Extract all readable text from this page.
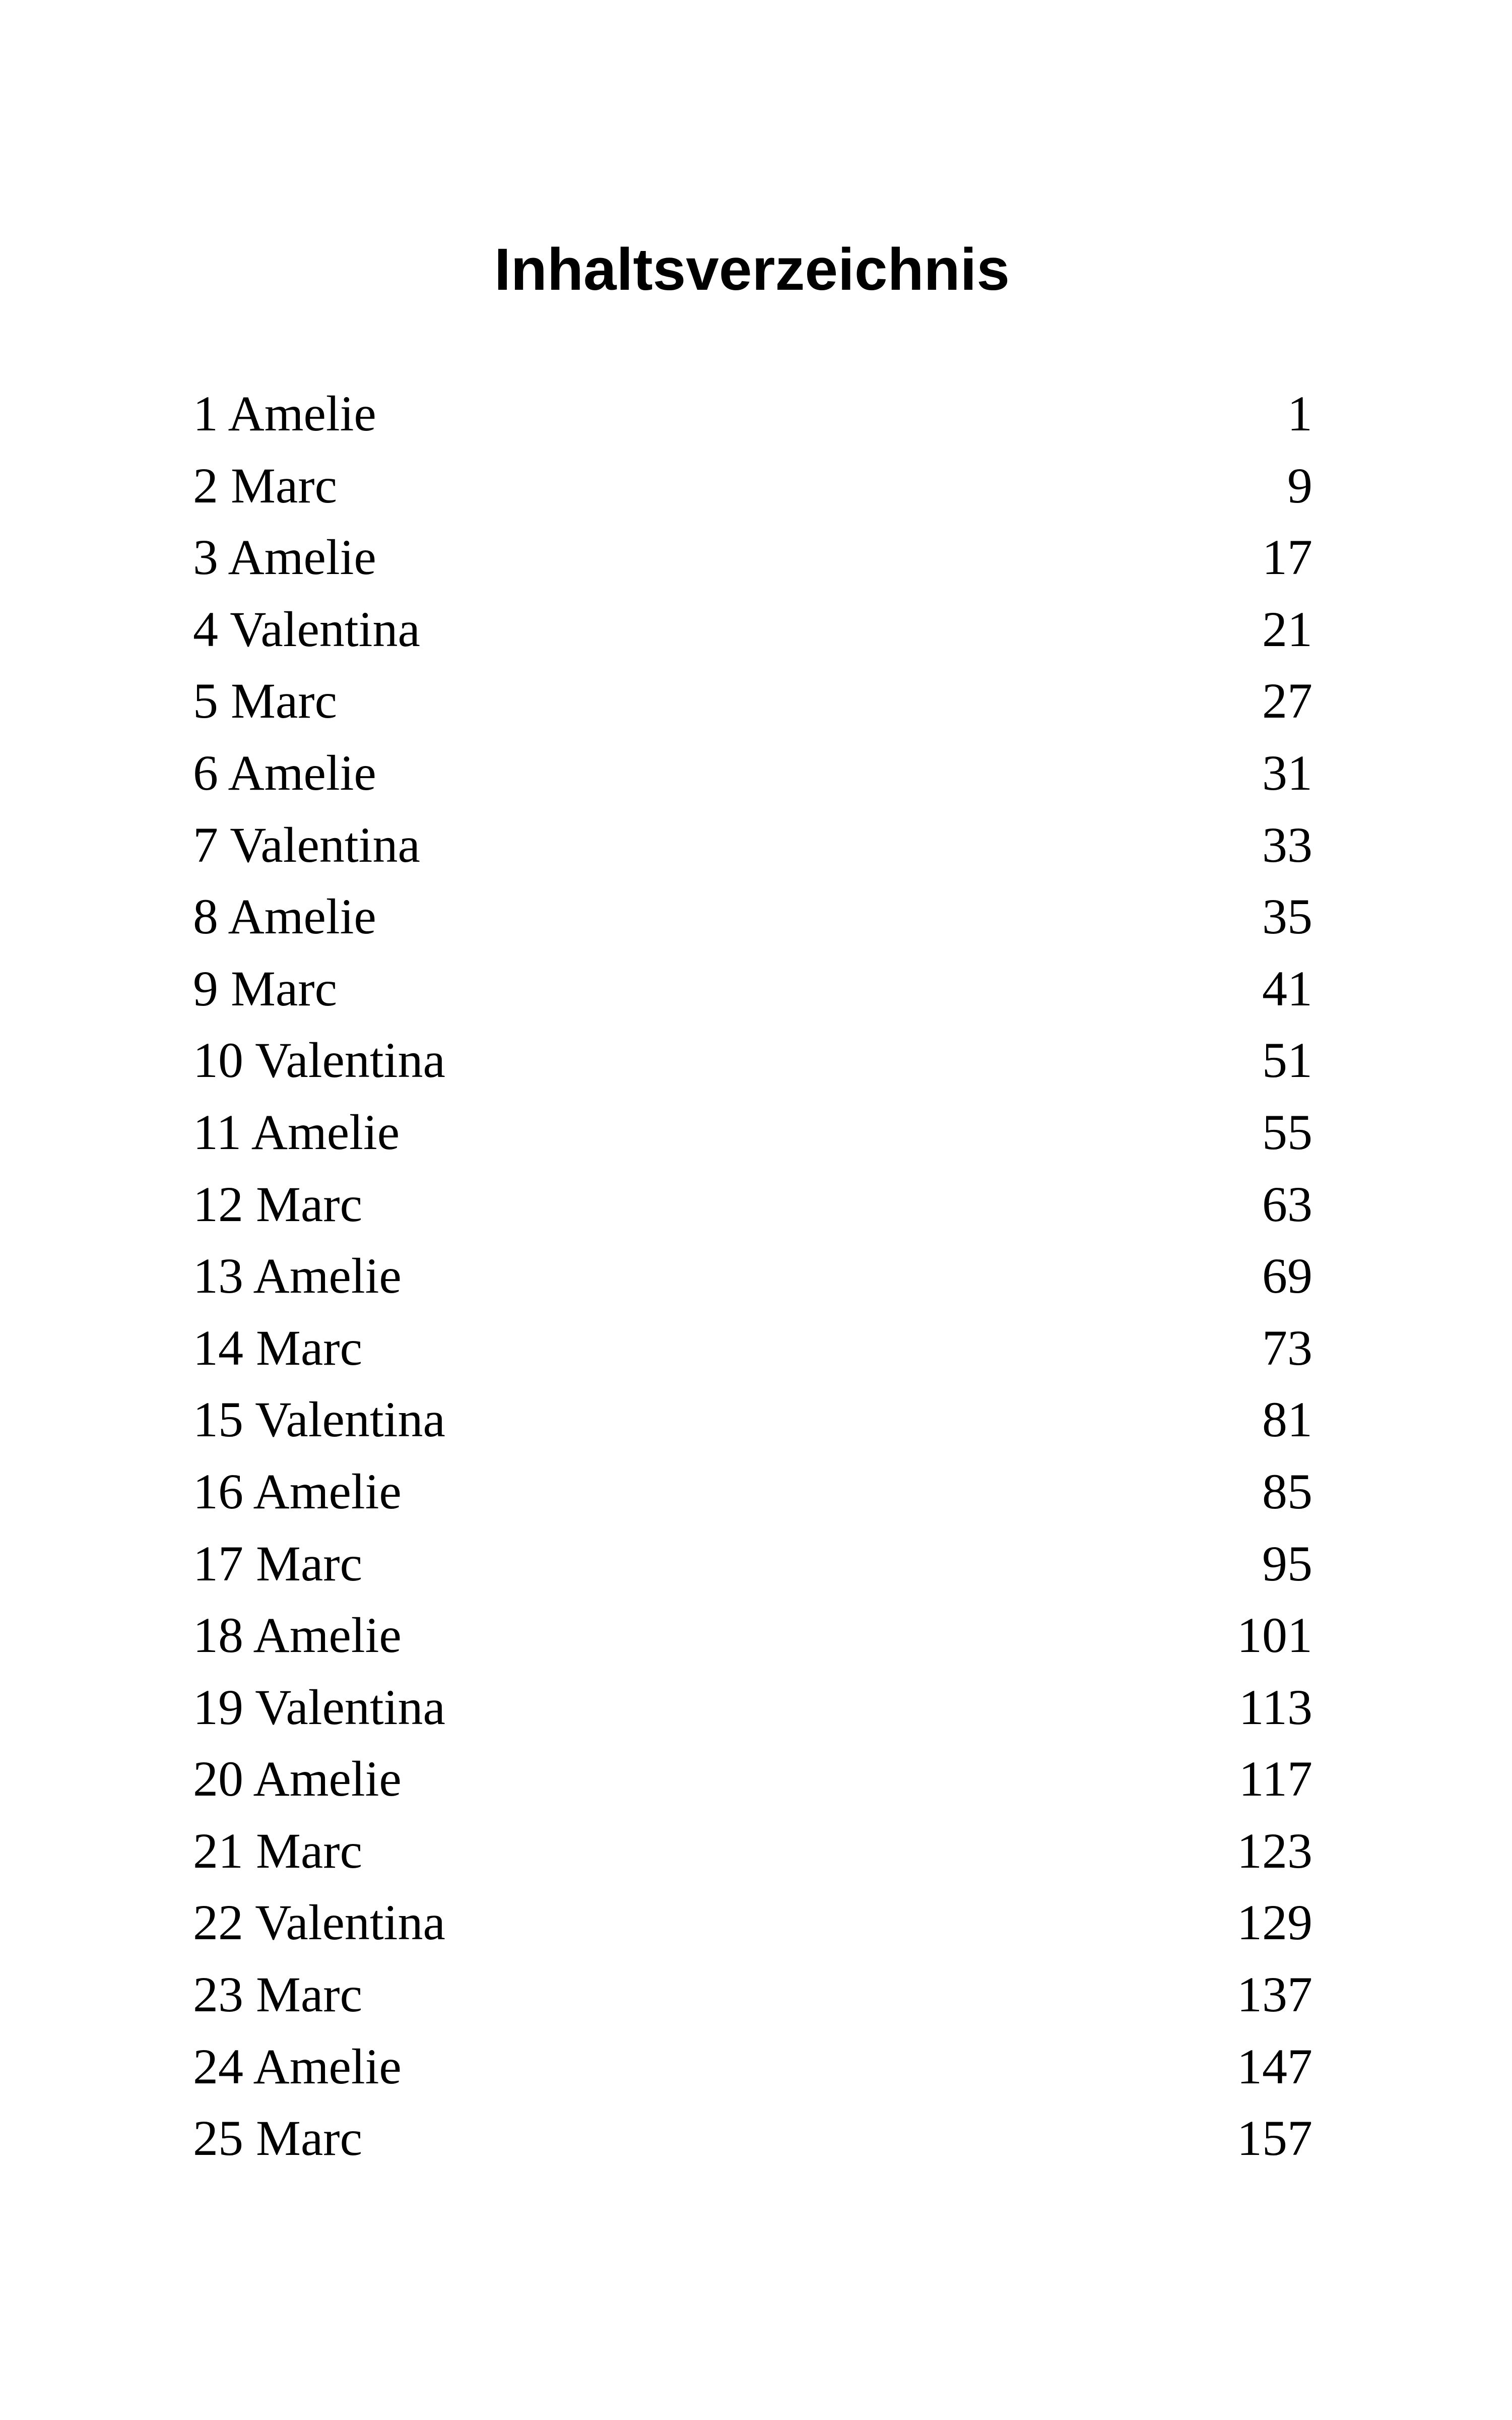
Inhaltsverzeichnis
1 Amelie	1
2 Marc	9
3 Amelie	17
4 Valentina	21
5 Marc	27
6 Amelie	31
7 Valentina	33
8 Amelie	35
9 Marc	41
10 Valentina	51
11 Amelie	55
12 Marc	63
13 Amelie	69
14 Marc	73
15 Valentina	81
16 Amelie	85
17 Marc	95
18 Amelie	101
19 Valentina	113
20 Amelie	117
21 Marc	123
22 Valentina	129
23 Marc	137
24 Amelie	147
25 Marc	157
